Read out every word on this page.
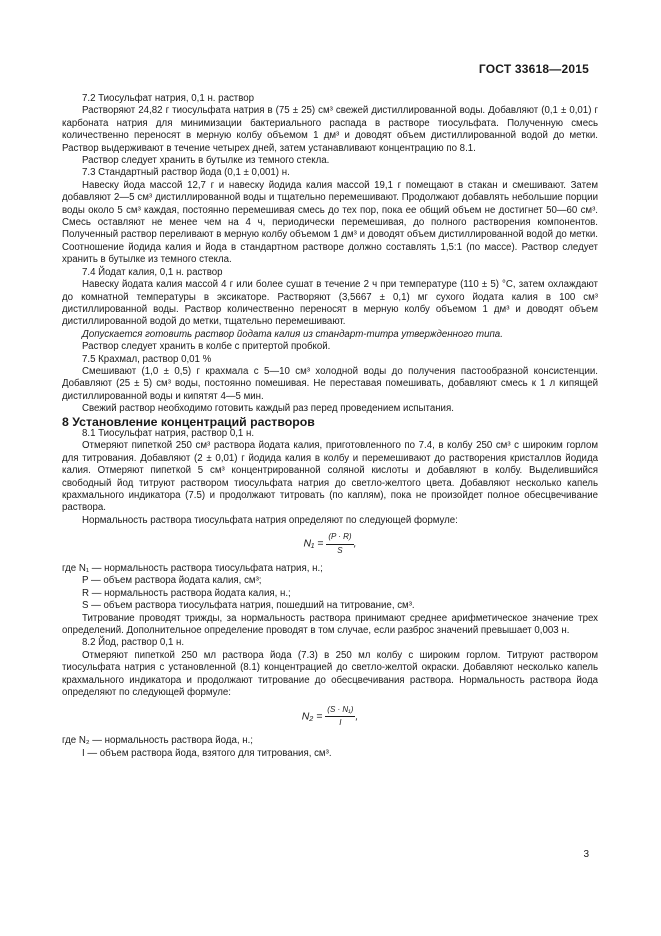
ГОСТ 33618—2015

7.2 Тиосульфат натрия, 0,1 н. раствор

Растворяют 24,82 г тиосульфата натрия в (75 ± 25) см³ свежей дистиллированной воды. Добавляют (0,1 ± 0,01) г карбоната натрия для минимизации бактериального распада в растворе тиосульфата. Полученную смесь количественно переносят в мерную колбу объемом 1 дм³ и доводят объем дистиллированной водой до метки. Раствор выдерживают в течение четырех дней, затем устанавливают концентрацию по 8.1.

Раствор следует хранить в бутылке из темного стекла.

7.3 Стандартный раствор йода (0,1 ± 0,001) н.

Навеску йода массой 12,7 г и навеску йодида калия массой 19,1 г помещают в стакан и смешивают. Затем добавляют 2—5 см³ дистиллированной воды и тщательно перемешивают. Продолжают добавлять небольшие порции воды около 5 см³ каждая, постоянно перемешивая смесь до тех пор, пока ее общий объем не достигнет 50—60 см³. Смесь оставляют не менее чем на 4 ч, периодически перемешивая, до полного растворения компонентов. Полученный раствор переливают в мерную колбу объемом 1 дм³ и доводят объем дистиллированной водой до метки. Соотношение йодида калия и йода в стандартном растворе должно составлять 1,5:1 (по массе). Раствор следует хранить в бутылке из темного стекла.

7.4 Йодат калия, 0,1 н. раствор

Навеску йодата калия массой 4 г или более сушат в течение 2 ч при температуре (110 ± 5) °C, затем охлаждают до комнатной температуры в эксикаторе. Растворяют (3,5667 ± 0,1) мг сухого йодата калия в 100 см³ дистиллированной воды. Раствор количественно переносят в мерную колбу объемом 1 дм³ и доводят объем дистиллированной водой до метки, тщательно перемешивают.

Допускается готовить раствор йодата калия из стандарт-титра утвержденного типа.

Раствор следует хранить в колбе с притертой пробкой.

7.5 Крахмал, раствор 0,01 %

Смешивают (1,0 ± 0,5) г крахмала с 5—10 см³ холодной воды до получения пастообразной консистенции. Добавляют (25 ± 5) см³ воды, постоянно помешивая. Не переставая помешивать, добавляют смесь к 1 л кипящей дистиллированной воды и кипятят 4—5 мин.

Свежий раствор необходимо готовить каждый раз перед проведением испытания.

8 Установление концентраций растворов

8.1 Тиосульфат натрия, раствор 0,1 н.

Отмеряют пипеткой 250 см³ раствора йодата калия, приготовленного по 7.4, в колбу 250 см³ с широким горлом для титрования. Добавляют (2 ± 0,01) г йодида калия в колбу и перемешивают до растворения кристаллов йодида калия. Отмеряют пипеткой 5 см³ концентрированной соляной кислоты и добавляют в колбу. Выделившийся свободный йод титруют раствором тиосульфата натрия до светло-желтого цвета. Добавляют несколько капель крахмального индикатора (7.5) и продолжают титровать (по каплям), пока не произойдет полное обесцвечивание раствора.

Нормальность раствора тиосульфата натрия определяют по следующей формуле:

$N_1 = \frac{(P \cdot R)}{S}$ ,

где N₁ — нормальность раствора тиосульфата натрия, н.;

P — объем раствора йодата калия, см³;

R — нормальность раствора йодата калия, н.;

S — объем раствора тиосульфата натрия, пошедший на титрование, см³.

Титрование проводят трижды, за нормальность раствора принимают среднее арифметическое значение трех определений. Дополнительное определение проводят в том случае, если разброс значений превышает 0,003 н.

8.2 Йод, раствор 0,1 н.

Отмеряют пипеткой 250 мл раствора йода (7.3) в 250 мл колбу с широким горлом. Титруют раствором тиосульфата натрия с установленной (8.1) концентрацией до светло-желтой окраски. Добавляют несколько капель крахмального индикатора и продолжают титрование до обесцвечивания раствора. Нормальность раствора йода определяют по следующей формуле:

$N_2 = \frac{\text{(S · N₁)}}{I}$ ,

где N₂ — нормальность раствора йода, н.;

I — объем раствора йода, взятого для титрования, см³.

3
